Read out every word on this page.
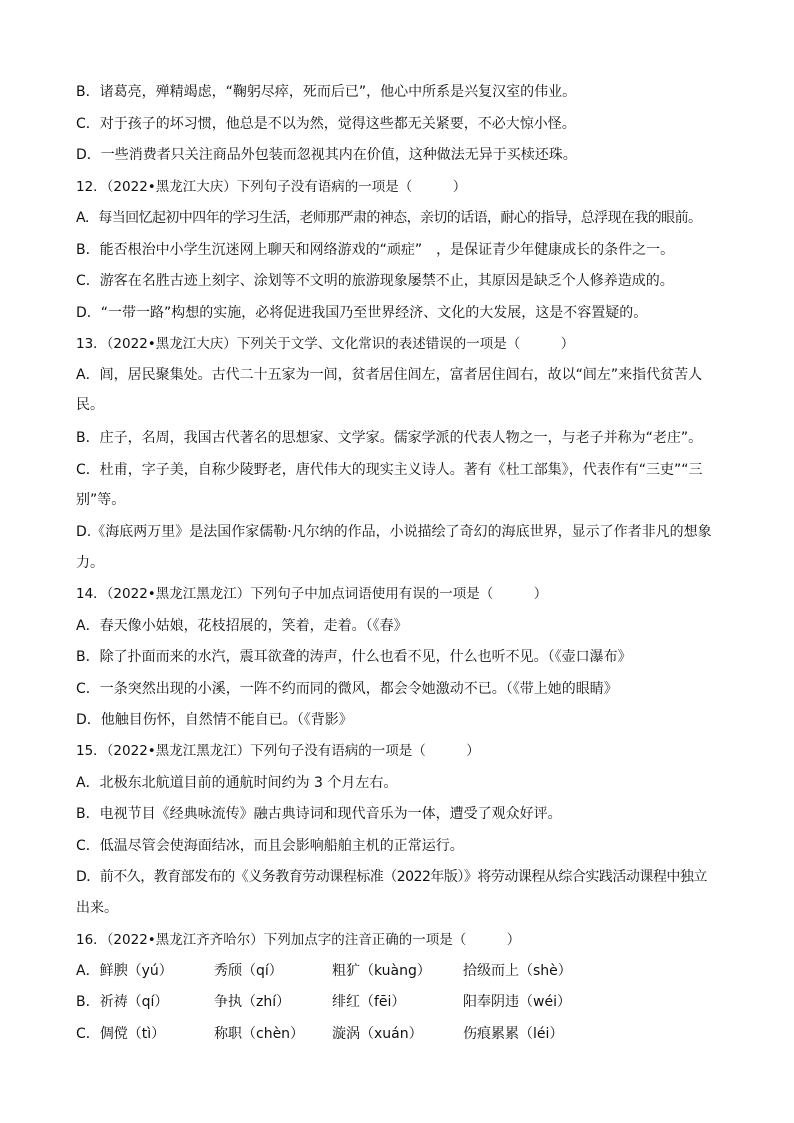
B．诸葛亮，殚精竭虑，“鞠躬尽瘁，死而后已”，他心中所系是兴复汉室的伟业。
C．对于孩子的坏习惯，他总是不以为然，觉得这些都无关紧要，不必大惊小怪。
D．一些消费者只关注商品外包装而忽视其内在价值，这种做法无异于买椟还珠。
12．（2022•黑龙江大庆）下列句子没有语病的一项是（　　　）
A．每当回忆起初中四年的学习生活，老师那严肃的神态，亲切的话语，耐心的指导，总浮现在我的眼前。
B．能否根治中小学生沉迷网上聊天和网络游戏的“顽症”　，是保证青少年健康成长的条件之一。
C．游客在名胜古迹上刻字、涂划等不文明的旅游现象屡禁不止，其原因是缺乏个人修养造成的。
D．“一带一路”构想的实施，必将促进我国乃至世界经济、文化的大发展，这是不容置疑的。
13．（2022•黑龙江大庆）下列关于文学、文化常识的表述错误的一项是（　　　）
A．闾，居民聚集处。古代二十五家为一闾，贫者居住闾左，富者居住闾右，故以“闾左”来指代贫苦人
民。
B．庄子，名周，我国古代著名的思想家、文学家。儒家学派的代表人物之一，与老子并称为“老庄”。
C．杜甫，字子美，自称少陵野老，唐代伟大的现实主义诗人。著有《杜工部集》，代表作有“三吏”“三
别”等。
D.《海底两万里》是法国作家儒勒·凡尔纳的作品，小说描绘了奇幻的海底世界，显示了作者非凡的想象
力。
14．（2022•黑龙江黑龙江）下列句子中加点词语使用有误的一项是（　　　）
A．春天像小姑娘，花枝招展的，笑着，走着。（《春》
B．除了扑面而来的水汽，震耳欲聋的涛声，什么也看不见，什么也听不见。（《壶口瀑布》
C．一条突然出现的小溪，一阵不约而同的微风，都会令她激动不已。（《带上她的眼睛》
D．他触目伤怀，自然情不能自已。（《背影》
15．（2022•黑龙江黑龙江）下列句子没有语病的一项是（　　　）
A．北极东北航道目前的通航时间约为 3 个月左右。
B．电视节目《经典咏流传》融古典诗词和现代音乐为一体，遭受了观众好评。
C．低温尽管会使海面结冰，而且会影响船舶主机的正常运行。
D．前不久，教育部发布的《义务教育劳动课程标准（2022年版）》将劳动课程从综合实践活动课程中独立
出来。
16．（2022•黑龙江齐齐哈尔）下列加点字的注音正确的一项是（　　　）
A．鲜腴（yú）	秀颀（qí）	粗犷（kuàng） 拾级而上（shè）
B．祈祷（qí）	争执（zhí）	绯红（fēi）	阳奉阴违（wéi）
C．倜傥（tì）	称职（chèn） 漩涡（xuán）	伤痕累累（léi）
